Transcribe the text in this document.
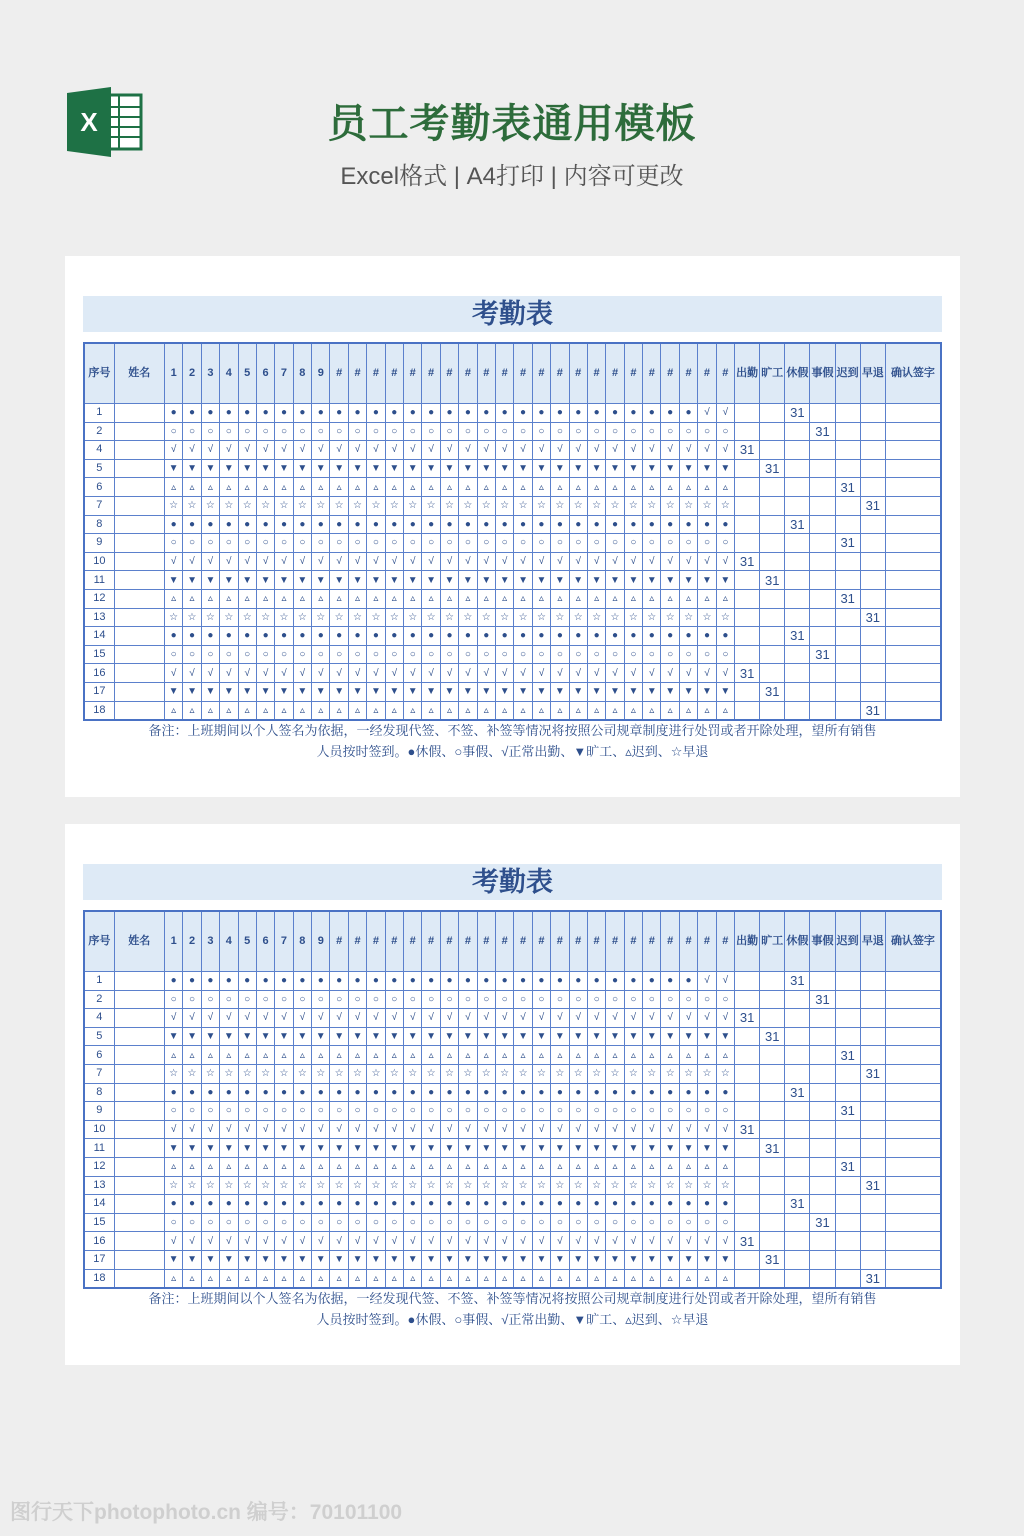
X	员工考勤表通用模板
Excel格式 | A4打印 | 内容可更改
考勤表
序号	姓名	1	2	3	4	5	6	7	8	9	#	#	#	#	#	#	#	#	#	#	#	#	#	#	#	#	#	#	#	#	#	#	出勤	旷工	休假	事假	迟到	早退	确认签字
1		●	●	●	●	●	●	●	●	●	●	●	●	●	●	●	●	●	●	●	●	●	●	●	●	●	●	●	●	●	√	√			31				
2		○	○	○	○	○	○	○	○	○	○	○	○	○	○	○	○	○	○	○	○	○	○	○	○	○	○	○	○	○	○	○				31			
4		√	√	√	√	√	√	√	√	√	√	√	√	√	√	√	√	√	√	√	√	√	√	√	√	√	√	√	√	√	√	√	31						
5		▼	▼	▼	▼	▼	▼	▼	▼	▼	▼	▼	▼	▼	▼	▼	▼	▼	▼	▼	▼	▼	▼	▼	▼	▼	▼	▼	▼	▼	▼	▼		31					
6		▵	▵	▵	▵	▵	▵	▵	▵	▵	▵	▵	▵	▵	▵	▵	▵	▵	▵	▵	▵	▵	▵	▵	▵	▵	▵	▵	▵	▵	▵	▵					31		
7		☆	☆	☆	☆	☆	☆	☆	☆	☆	☆	☆	☆	☆	☆	☆	☆	☆	☆	☆	☆	☆	☆	☆	☆	☆	☆	☆	☆	☆	☆	☆						31	
8		●	●	●	●	●	●	●	●	●	●	●	●	●	●	●	●	●	●	●	●	●	●	●	●	●	●	●	●	●	●	●			31				
9		○	○	○	○	○	○	○	○	○	○	○	○	○	○	○	○	○	○	○	○	○	○	○	○	○	○	○	○	○	○	○					31		
10		√	√	√	√	√	√	√	√	√	√	√	√	√	√	√	√	√	√	√	√	√	√	√	√	√	√	√	√	√	√	√	31						
11		▼	▼	▼	▼	▼	▼	▼	▼	▼	▼	▼	▼	▼	▼	▼	▼	▼	▼	▼	▼	▼	▼	▼	▼	▼	▼	▼	▼	▼	▼	▼		31					
12		▵	▵	▵	▵	▵	▵	▵	▵	▵	▵	▵	▵	▵	▵	▵	▵	▵	▵	▵	▵	▵	▵	▵	▵	▵	▵	▵	▵	▵	▵	▵					31		
13		☆	☆	☆	☆	☆	☆	☆	☆	☆	☆	☆	☆	☆	☆	☆	☆	☆	☆	☆	☆	☆	☆	☆	☆	☆	☆	☆	☆	☆	☆	☆						31	
14		●	●	●	●	●	●	●	●	●	●	●	●	●	●	●	●	●	●	●	●	●	●	●	●	●	●	●	●	●	●	●			31				
15		○	○	○	○	○	○	○	○	○	○	○	○	○	○	○	○	○	○	○	○	○	○	○	○	○	○	○	○	○	○	○				31			
16		√	√	√	√	√	√	√	√	√	√	√	√	√	√	√	√	√	√	√	√	√	√	√	√	√	√	√	√	√	√	√	31						
17		▼	▼	▼	▼	▼	▼	▼	▼	▼	▼	▼	▼	▼	▼	▼	▼	▼	▼	▼	▼	▼	▼	▼	▼	▼	▼	▼	▼	▼	▼	▼		31					
18		▵	▵	▵	▵	▵	▵	▵	▵	▵	▵	▵	▵	▵	▵	▵	▵	▵	▵	▵	▵	▵	▵	▵	▵	▵	▵	▵	▵	▵	▵	▵						31	
备注：上班期间以个人签名为依据，一经发现代签、不签、补签等情况将按照公司规章制度进行处罚或者开除处理，望所有销售
人员按时签到。●休假、○事假、√正常出勤、▼旷工、▵迟到、☆早退
考勤表
序号	姓名	1	2	3	4	5	6	7	8	9	#	#	#	#	#	#	#	#	#	#	#	#	#	#	#	#	#	#	#	#	#	#	出勤	旷工	休假	事假	迟到	早退	确认签字
1		●	●	●	●	●	●	●	●	●	●	●	●	●	●	●	●	●	●	●	●	●	●	●	●	●	●	●	●	●	√	√			31				
2		○	○	○	○	○	○	○	○	○	○	○	○	○	○	○	○	○	○	○	○	○	○	○	○	○	○	○	○	○	○	○				31			
4		√	√	√	√	√	√	√	√	√	√	√	√	√	√	√	√	√	√	√	√	√	√	√	√	√	√	√	√	√	√	√	31						
5		▼	▼	▼	▼	▼	▼	▼	▼	▼	▼	▼	▼	▼	▼	▼	▼	▼	▼	▼	▼	▼	▼	▼	▼	▼	▼	▼	▼	▼	▼	▼		31					
6		▵	▵	▵	▵	▵	▵	▵	▵	▵	▵	▵	▵	▵	▵	▵	▵	▵	▵	▵	▵	▵	▵	▵	▵	▵	▵	▵	▵	▵	▵	▵					31		
7		☆	☆	☆	☆	☆	☆	☆	☆	☆	☆	☆	☆	☆	☆	☆	☆	☆	☆	☆	☆	☆	☆	☆	☆	☆	☆	☆	☆	☆	☆	☆						31	
8		●	●	●	●	●	●	●	●	●	●	●	●	●	●	●	●	●	●	●	●	●	●	●	●	●	●	●	●	●	●	●			31				
9		○	○	○	○	○	○	○	○	○	○	○	○	○	○	○	○	○	○	○	○	○	○	○	○	○	○	○	○	○	○	○					31		
10		√	√	√	√	√	√	√	√	√	√	√	√	√	√	√	√	√	√	√	√	√	√	√	√	√	√	√	√	√	√	√	31						
11		▼	▼	▼	▼	▼	▼	▼	▼	▼	▼	▼	▼	▼	▼	▼	▼	▼	▼	▼	▼	▼	▼	▼	▼	▼	▼	▼	▼	▼	▼	▼		31					
12		▵	▵	▵	▵	▵	▵	▵	▵	▵	▵	▵	▵	▵	▵	▵	▵	▵	▵	▵	▵	▵	▵	▵	▵	▵	▵	▵	▵	▵	▵	▵					31		
13		☆	☆	☆	☆	☆	☆	☆	☆	☆	☆	☆	☆	☆	☆	☆	☆	☆	☆	☆	☆	☆	☆	☆	☆	☆	☆	☆	☆	☆	☆	☆						31	
14		●	●	●	●	●	●	●	●	●	●	●	●	●	●	●	●	●	●	●	●	●	●	●	●	●	●	●	●	●	●	●			31				
15		○	○	○	○	○	○	○	○	○	○	○	○	○	○	○	○	○	○	○	○	○	○	○	○	○	○	○	○	○	○	○				31			
16		√	√	√	√	√	√	√	√	√	√	√	√	√	√	√	√	√	√	√	√	√	√	√	√	√	√	√	√	√	√	√	31						
17		▼	▼	▼	▼	▼	▼	▼	▼	▼	▼	▼	▼	▼	▼	▼	▼	▼	▼	▼	▼	▼	▼	▼	▼	▼	▼	▼	▼	▼	▼	▼		31					
18		▵	▵	▵	▵	▵	▵	▵	▵	▵	▵	▵	▵	▵	▵	▵	▵	▵	▵	▵	▵	▵	▵	▵	▵	▵	▵	▵	▵	▵	▵	▵						31	
备注：上班期间以个人签名为依据，一经发现代签、不签、补签等情况将按照公司规章制度进行处罚或者开除处理，望所有销售
人员按时签到。●休假、○事假、√正常出勤、▼旷工、▵迟到、☆早退
图行天下photophoto.cn 编号：70101100
